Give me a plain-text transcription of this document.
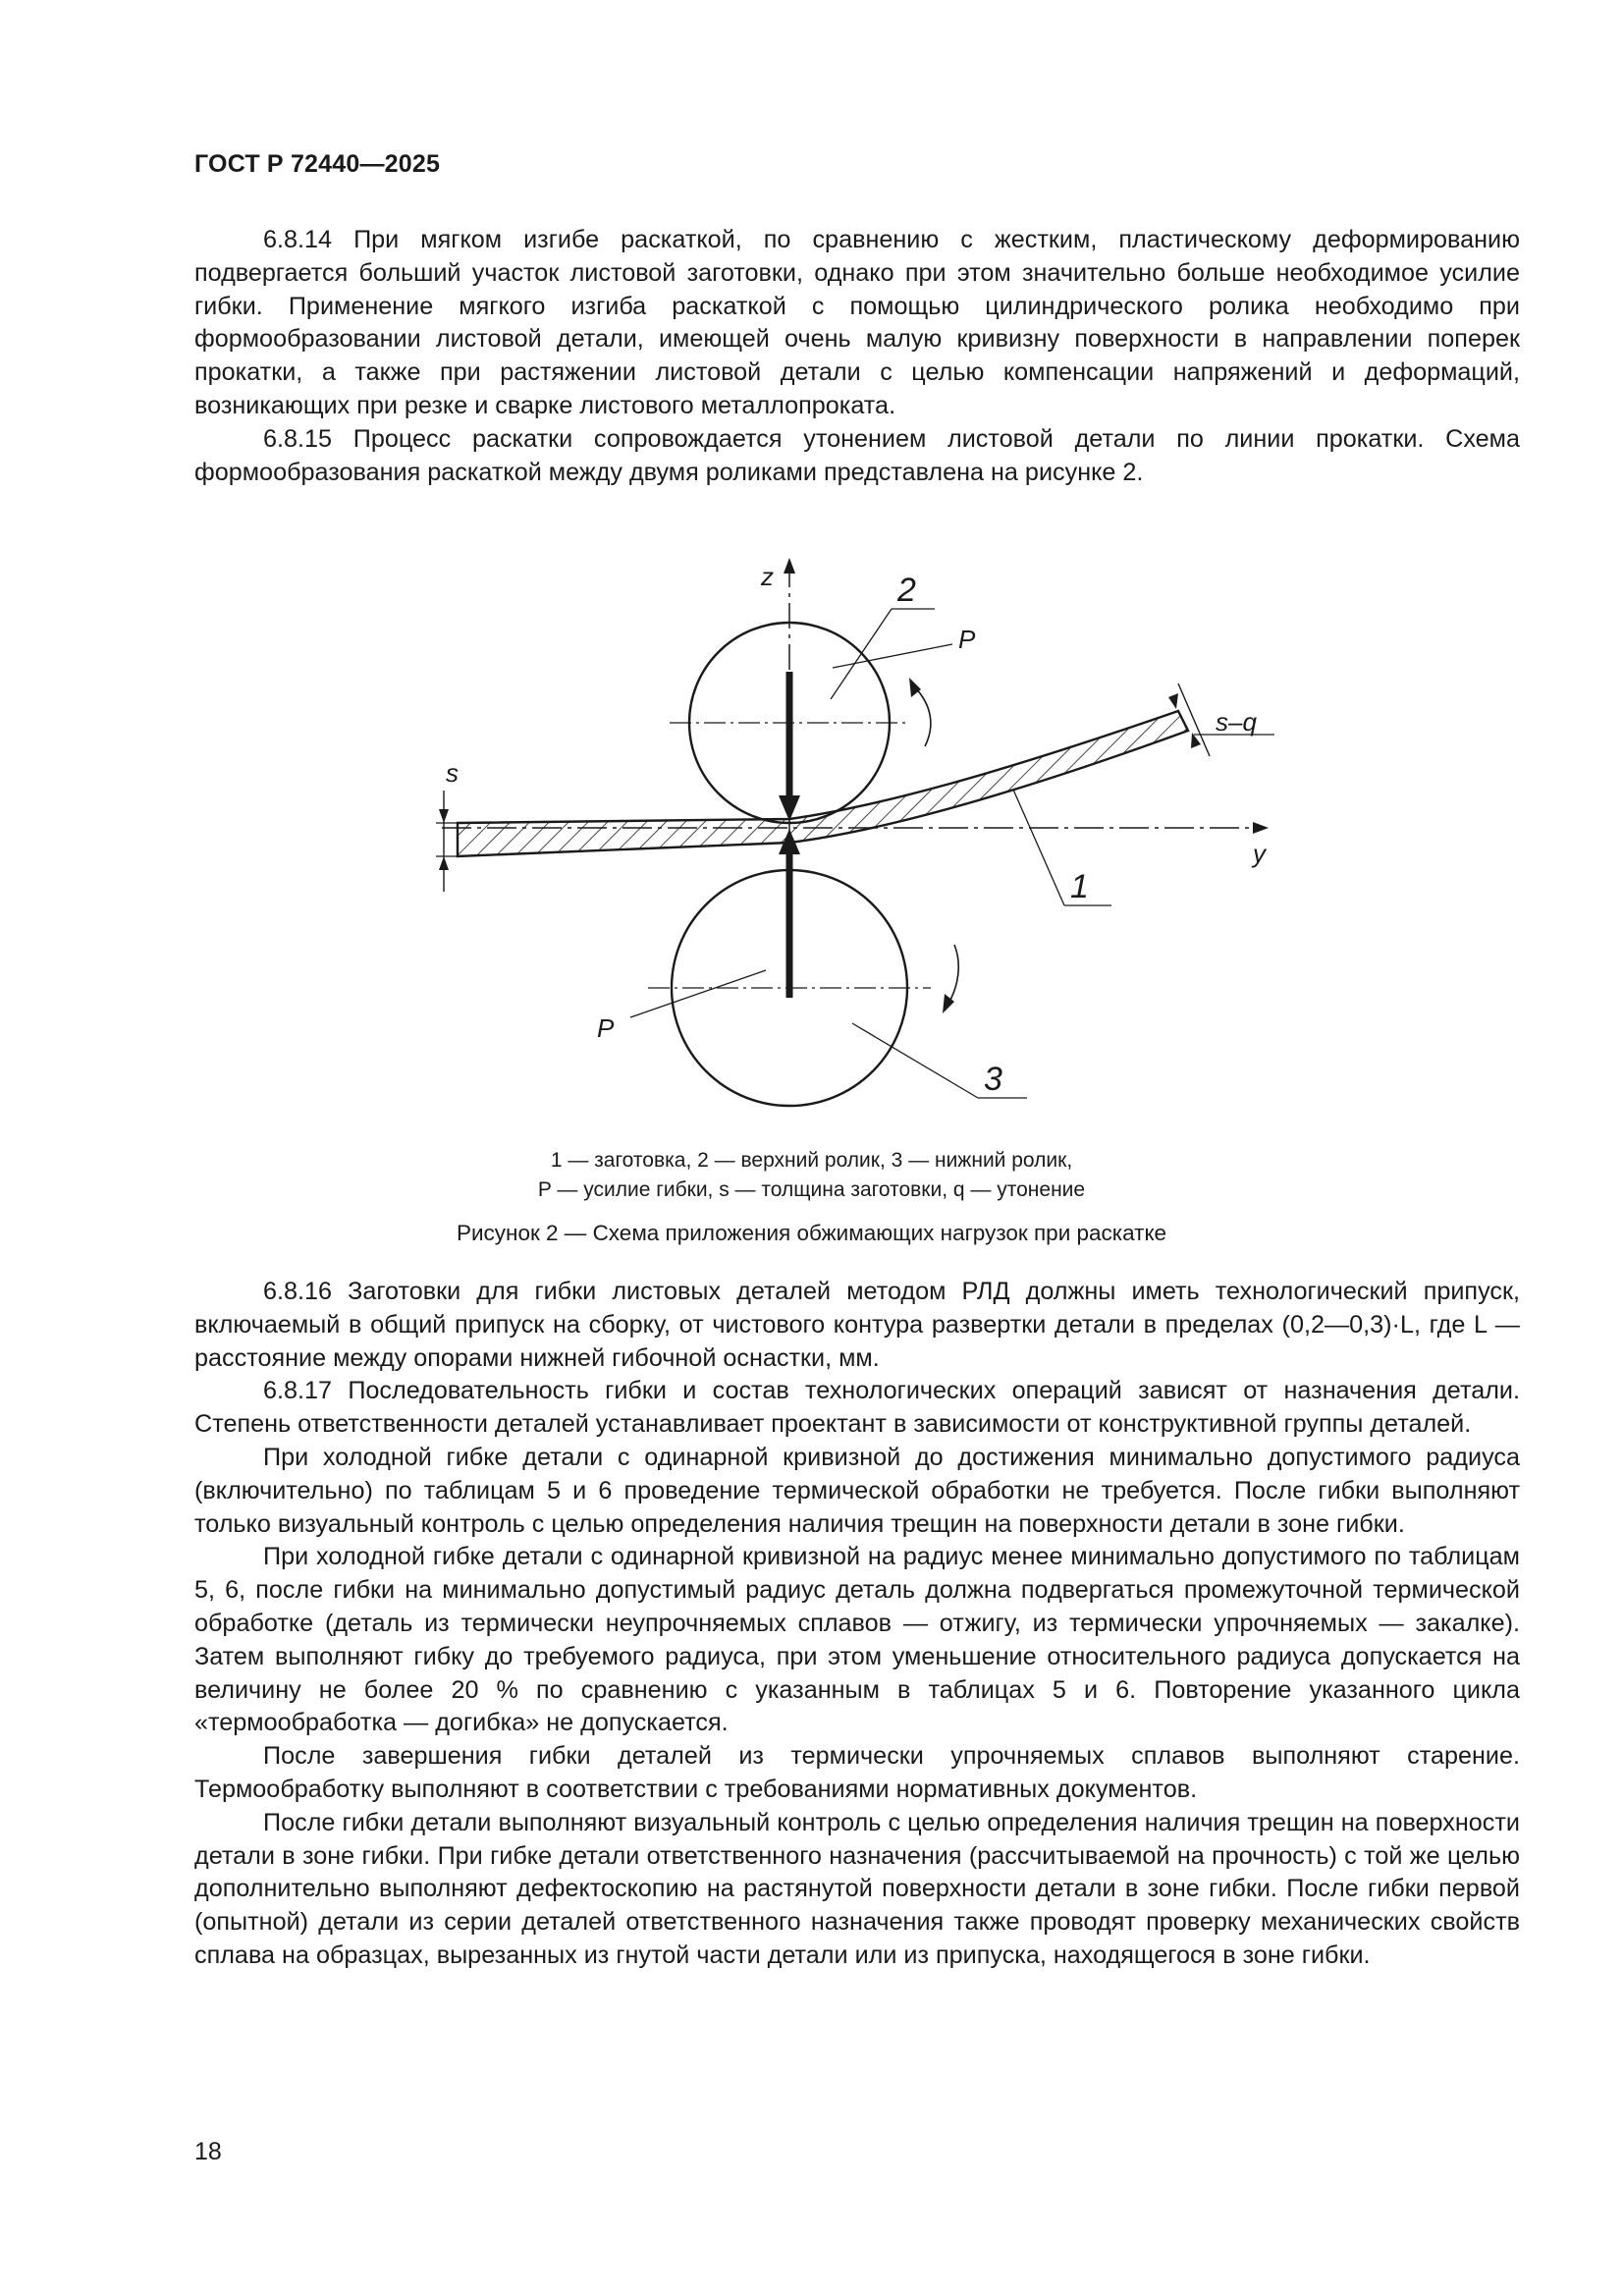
ГОСТ Р 72440—2025

6.8.14 При мягком изгибе раскаткой, по сравнению с жестким, пластическому деформированию подвергается больший участок листовой заготовки, однако при этом значительно больше необходимое усилие гибки. Применение мягкого изгиба раскаткой с помощью цилиндрического ролика необходимо при формообразовании листовой детали, имеющей очень малую кривизну поверхности в направлении поперек прокатки, а также при растяжении листовой детали с целью компенсации напряжений и деформаций, возникающих при резке и сварке листового металлопроката.

6.8.15 Процесс раскатки сопровождается утонением листовой детали по линии прокатки. Схема формообразования раскаткой между двумя роликами представлена на рисунке 2.

z
y
s
s–q
P
P
2
1
3
1 — заготовка, 2 — верхний ролик, 3 — нижний ролик,
P — усилие гибки, s — толщина заготовки, q — утонение
Рисунок 2 — Схема приложения обжимающих нагрузок при раскатке

6.8.16 Заготовки для гибки листовых деталей методом РЛД должны иметь технологический припуск, включаемый в общий припуск на сборку, от чистового контура развертки детали в пределах (0,2—0,3)·L, где L — расстояние между опорами нижней гибочной оснастки, мм.

6.8.17 Последовательность гибки и состав технологических операций зависят от назначения детали. Степень ответственности деталей устанавливает проектант в зависимости от конструктивной группы деталей.

При холодной гибке детали с одинарной кривизной до достижения минимально допустимого радиуса (включительно) по таблицам 5 и 6 проведение термической обработки не требуется. После гибки выполняют только визуальный контроль с целью определения наличия трещин на поверхности детали в зоне гибки.

При холодной гибке детали с одинарной кривизной на радиус менее минимально допустимого по таблицам 5, 6, после гибки на минимально допустимый радиус деталь должна подвергаться промежуточной термической обработке (деталь из термически неупрочняемых сплавов — отжигу, из термически упрочняемых — закалке). Затем выполняют гибку до требуемого радиуса, при этом уменьшение относительного радиуса допускается на величину не более 20 % по сравнению с указанным в таблицах 5 и 6. Повторение указанного цикла «термообработка — догибка» не допускается.

После завершения гибки деталей из термически упрочняемых сплавов выполняют старение. Термообработку выполняют в соответствии с требованиями нормативных документов.

После гибки детали выполняют визуальный контроль с целью определения наличия трещин на поверхности детали в зоне гибки. При гибке детали ответственного назначения (рассчитываемой на прочность) с той же целью дополнительно выполняют дефектоскопию на растянутой поверхности детали в зоне гибки. После гибки первой (опытной) детали из серии деталей ответственного назначения также проводят проверку механических свойств сплава на образцах, вырезанных из гнутой части детали или из припуска, находящегося в зоне гибки.

18
